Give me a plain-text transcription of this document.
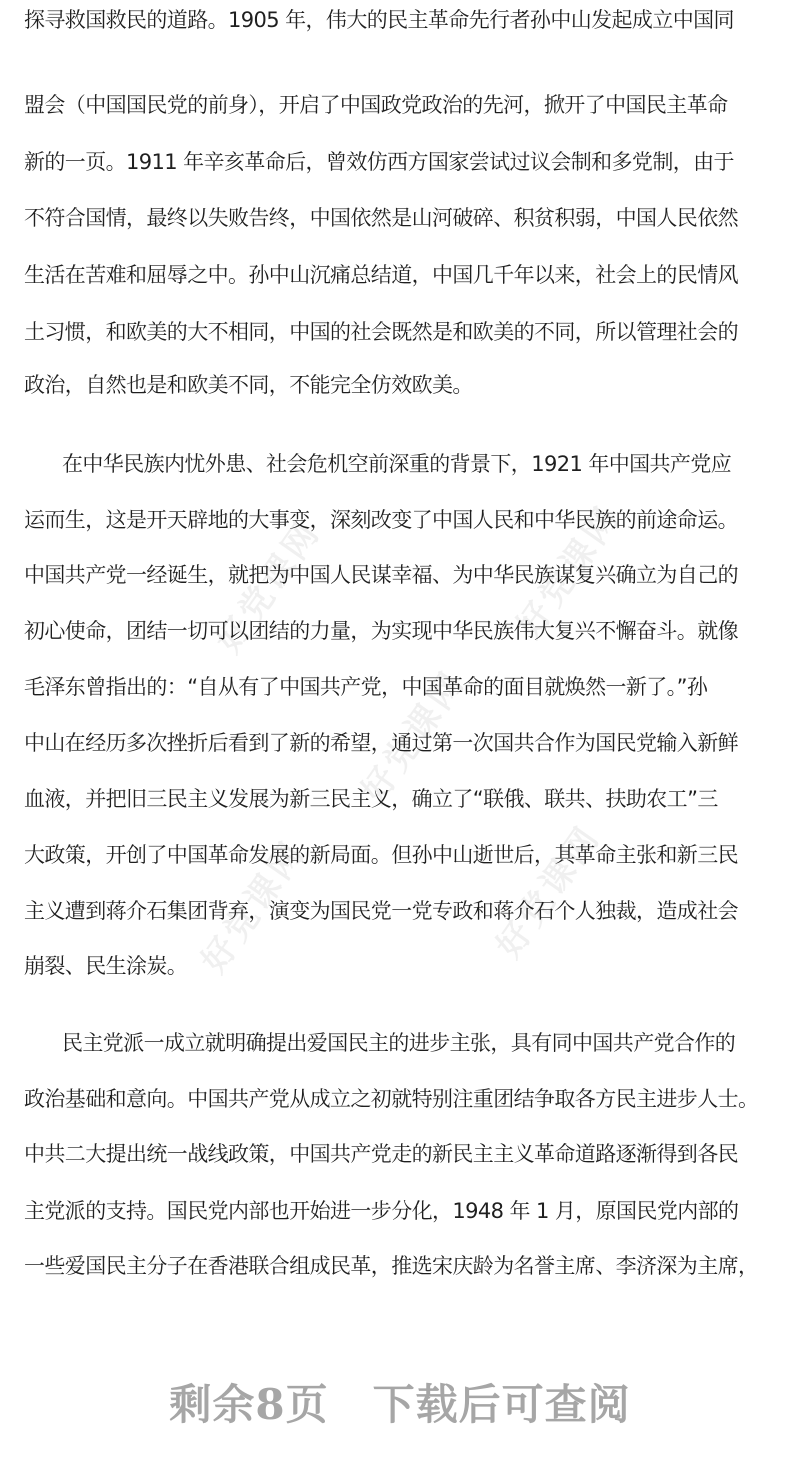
好党课网	好党课网
好党课网
好党课网	好党课网
探寻救国救民的道路。1905 年，伟大的民主革命先行者孙中山发起成立中国同
盟会（中国国民党的前身），开启了中国政党政治的先河，掀开了中国民主革命
新的一页。1911 年辛亥革命后，曾效仿西方国家尝试过议会制和多党制，由于
不符合国情，最终以失败告终，中国依然是山河破碎、积贫积弱，中国人民依然
生活在苦难和屈辱之中。孙中山沉痛总结道，中国几千年以来，社会上的民情风
土习惯，和欧美的大不相同，中国的社会既然是和欧美的不同，所以管理社会的
政治，自然也是和欧美不同，不能完全仿效欧美。
在中华民族内忧外患、社会危机空前深重的背景下，1921 年中国共产党应
运而生，这是开天辟地的大事变，深刻改变了中国人民和中华民族的前途命运。
中国共产党一经诞生，就把为中国人民谋幸福、为中华民族谋复兴确立为自己的
初心使命，团结一切可以团结的力量，为实现中华民族伟大复兴不懈奋斗。就像
毛泽东曾指出的：“自从有了中国共产党，中国革命的面目就焕然一新了。”孙
中山在经历多次挫折后看到了新的希望，通过第一次国共合作为国民党输入新鲜
血液，并把旧三民主义发展为新三民主义，确立了“联俄、联共、扶助农工”三
大政策，开创了中国革命发展的新局面。但孙中山逝世后，其革命主张和新三民
主义遭到蒋介石集团背弃，演变为国民党一党专政和蒋介石个人独裁，造成社会
崩裂、民生涂炭。
民主党派一成立就明确提出爱国民主的进步主张，具有同中国共产党合作的
政治基础和意向。中国共产党从成立之初就特别注重团结争取各方民主进步人士。
中共二大提出统一战线政策，中国共产党走的新民主主义革命道路逐渐得到各民
主党派的支持。国民党内部也开始进一步分化，1948 年 1 月，原国民党内部的
一些爱国民主分子在香港联合组成民革，推选宋庆龄为名誉主席、李济深为主席，
剩余8页 下载后可查阅
